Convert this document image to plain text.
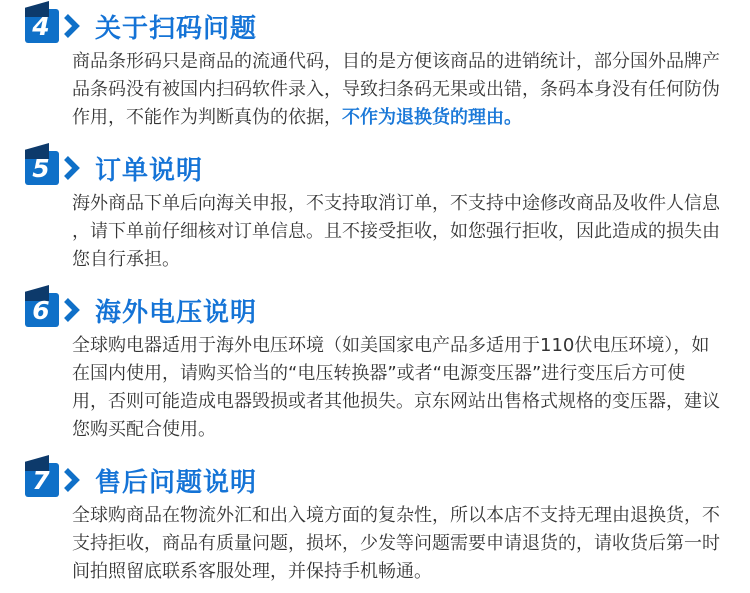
4 关于扫码问题
商品条形码只是商品的流通代码，目的是方便该商品的进销统计，部分国外品牌产
品条码没有被国内扫码软件录入，导致扫条码无果或出错，条码本身没有任何防伪
作用，不能作为判断真伪的依据，不作为退换货的理由。
5 订单说明
海外商品下单后向海关申报，不支持取消订单，不支持中途修改商品及收件人信息
，请下单前仔细核对订单信息。且不接受拒收，如您强行拒收，因此造成的损失由
您自行承担。
6 海外电压说明
全球购电器适用于海外电压环境（如美国家电产品多适用于110伏电压环境），如
在国内使用，请购买恰当的“电压转换器”或者“电源变压器”进行变压后方可使
用，否则可能造成电器毁损或者其他损失。京东网站出售格式规格的变压器，建议
您购买配合使用。
7 售后问题说明
全球购商品在物流外汇和出入境方面的复杂性，所以本店不支持无理由退换货，不
支持拒收，商品有质量问题，损坏，少发等问题需要申请退货的，请收货后第一时
间拍照留底联系客服处理，并保持手机畅通。
